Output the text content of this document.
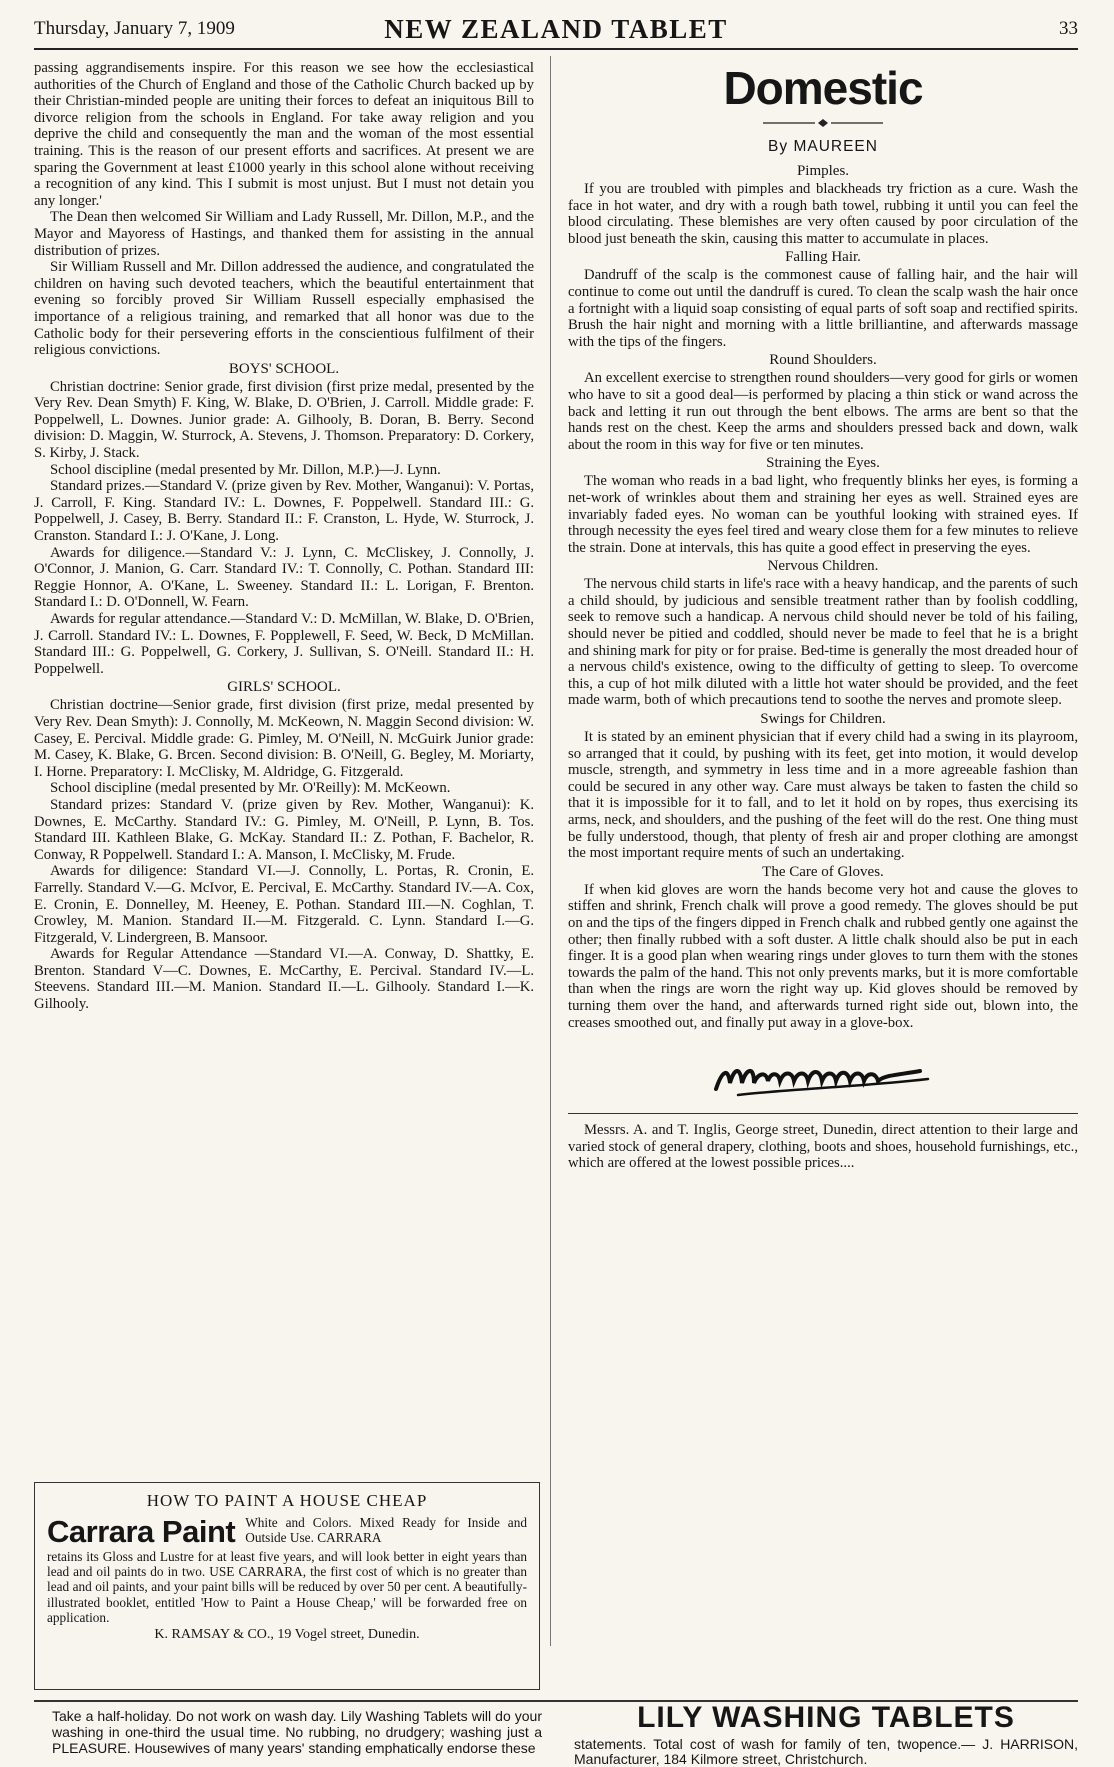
Thursday, January 7, 1909	NEW ZEALAND TABLET	33

passing aggrandisements inspire. For this reason we see how the ecclesiastical authorities of the Church of England and those of the Catholic Church backed up by their Christian-minded people are uniting their forces to defeat an iniquitous Bill to divorce religion from the schools in England. For take away religion and you deprive the child and consequently the man and the woman of the most essential training. This is the reason of our present efforts and sacrifices. At present we are sparing the Government at least £1000 yearly in this school alone without receiving a recognition of any kind. This I submit is most unjust. But I must not detain you any longer.'

The Dean then welcomed Sir William and Lady Russell, Mr. Dillon, M.P., and the Mayor and Mayoress of Hastings, and thanked them for assisting in the annual distribution of prizes.

Sir William Russell and Mr. Dillon addressed the audience, and congratulated the children on having such devoted teachers, which the beautiful entertainment that evening so forcibly proved Sir William Russell especially emphasised the importance of a religious training, and remarked that all honor was due to the Catholic body for their persevering efforts in the conscientious fulfilment of their religious convictions.

BOYS' SCHOOL.

Christian doctrine: Senior grade, first division (first prize medal, presented by the Very Rev. Dean Smyth) F. King, W. Blake, D. O'Brien, J. Carroll. Middle grade: F. Poppelwell, L. Downes. Junior grade: A. Gilhooly, B. Doran, B. Berry. Second division: D. Maggin, W. Sturrock, A. Stevens, J. Thomson. Preparatory: D. Corkery, S. Kirby, J. Stack.

School discipline (medal presented by Mr. Dillon, M.P.)—J. Lynn.

Standard prizes.—Standard V. (prize given by Rev. Mother, Wanganui): V. Portas, J. Carroll, F. King. Standard IV.: L. Downes, F. Poppelwell. Standard III.: G. Poppelwell, J. Casey, B. Berry. Standard II.: F. Cranston, L. Hyde, W. Sturrock, J. Cranston. Standard I.: J. O'Kane, J. Long.

Awards for diligence.—Standard V.: J. Lynn, C. McCliskey, J. Connolly, J. O'Connor, J. Manion, G. Carr. Standard IV.: T. Connolly, C. Pothan. Standard III: Reggie Honnor, A. O'Kane, L. Sweeney. Standard II.: L. Lorigan, F. Brenton. Standard I.: D. O'Donnell, W. Fearn.

Awards for regular attendance.—Standard V.: D. McMillan, W. Blake, D. O'Brien, J. Carroll. Standard IV.: L. Downes, F. Popplewell, F. Seed, W. Beck, D McMillan. Standard III.: G. Poppelwell, G. Corkery, J. Sullivan, S. O'Neill. Standard II.: H. Poppelwell.

GIRLS' SCHOOL.

Christian doctrine—Senior grade, first division (first prize, medal presented by Very Rev. Dean Smyth): J. Connolly, M. McKeown, N. Maggin Second division: W. Casey, E. Percival. Middle grade: G. Pimley, M. O'Neill, N. McGuirk Junior grade: M. Casey, K. Blake, G. Brcen. Second division: B. O'Neill, G. Begley, M. Moriarty, I. Horne. Preparatory: I. McClisky, M. Aldridge, G. Fitzgerald.

School discipline (medal presented by Mr. O'Reilly): M. McKeown.

Standard prizes: Standard V. (prize given by Rev. Mother, Wanganui): K. Downes, E. McCarthy. Standard IV.: G. Pimley, M. O'Neill, P. Lynn, B. Tos. Standard III. Kathleen Blake, G. McKay. Standard II.: Z. Pothan, F. Bachelor, R. Conway, R Poppelwell. Standard I.: A. Manson, I. McClisky, M. Frude.

Awards for diligence: Standard VI.—J. Connolly, L. Portas, R. Cronin, E. Farrelly. Standard V.—G. McIvor, E. Percival, E. McCarthy. Standard IV.—A. Cox, E. Cronin, E. Donnelley, M. Heeney, E. Pothan. Standard III.—N. Coghlan, T. Crowley, M. Manion. Standard II.—M. Fitzgerald. C. Lynn. Standard I.—G. Fitzgerald, V. Lindergreen, B. Mansoor.

Awards for Regular Attendance —Standard VI.—A. Conway, D. Shattky, E. Brenton. Standard V—C. Downes, E. McCarthy, E. Percival. Standard IV.—L. Steevens. Standard III.—M. Manion. Standard II.—L. Gilhooly. Standard I.—K. Gilhooly.

HOW TO PAINT A HOUSE CHEAP
Carrara Paint White and Colors. Mixed Ready for Inside and Outside Use. CARRARA
retains its Gloss and Lustre for at least five years, and will look better in eight years than lead and oil paints do in two. USE CARRARA, the first cost of which is no greater than lead and oil paints, and your paint bills will be reduced by over 50 per cent. A beautifully-illustrated booklet, entitled 'How to Paint a House Cheap,' will be forwarded free on application.
K. RAMSAY & CO., 19 Vogel street, Dunedin.
Domestic
By MAUREEN
Pimples.

If you are troubled with pimples and blackheads try friction as a cure. Wash the face in hot water, and dry with a rough bath towel, rubbing it until you can feel the blood circulating. These blemishes are very often caused by poor circulation of the blood just beneath the skin, causing this matter to accumulate in places.

Falling Hair.

Dandruff of the scalp is the commonest cause of falling hair, and the hair will continue to come out until the dandruff is cured. To clean the scalp wash the hair once a fortnight with a liquid soap consisting of equal parts of soft soap and rectified spirits. Brush the hair night and morning with a little brilliantine, and afterwards massage with the tips of the fingers.

Round Shoulders.

An excellent exercise to strengthen round shoulders—very good for girls or women who have to sit a good deal—is performed by placing a thin stick or wand across the back and letting it run out through the bent elbows. The arms are bent so that the hands rest on the chest. Keep the arms and shoulders pressed back and down, walk about the room in this way for five or ten minutes.

Straining the Eyes.

The woman who reads in a bad light, who frequently blinks her eyes, is forming a net-work of wrinkles about them and straining her eyes as well. Strained eyes are invariably faded eyes. No woman can be youthful looking with strained eyes. If through necessity the eyes feel tired and weary close them for a few minutes to relieve the strain. Done at intervals, this has quite a good effect in preserving the eyes.

Nervous Children.

The nervous child starts in life's race with a heavy handicap, and the parents of such a child should, by judicious and sensible treatment rather than by foolish coddling, seek to remove such a handicap. A nervous child should never be told of his failing, should never be pitied and coddled, should never be made to feel that he is a bright and shining mark for pity or for praise. Bed-time is generally the most dreaded hour of a nervous child's existence, owing to the difficulty of getting to sleep. To overcome this, a cup of hot milk diluted with a little hot water should be provided, and the feet made warm, both of which precautions tend to soothe the nerves and promote sleep.

Swings for Children.

It is stated by an eminent physician that if every child had a swing in its playroom, so arranged that it could, by pushing with its feet, get into motion, it would develop muscle, strength, and symmetry in less time and in a more agreeable fashion than could be secured in any other way. Care must always be taken to fasten the child so that it is impossible for it to fall, and to let it hold on by ropes, thus exercising its arms, neck, and shoulders, and the pushing of the feet will do the rest. One thing must be fully understood, though, that plenty of fresh air and proper clothing are amongst the most important require ments of such an undertaking.

The Care of Gloves.

If when kid gloves are worn the hands become very hot and cause the gloves to stiffen and shrink, French chalk will prove a good remedy. The gloves should be put on and the tips of the fingers dipped in French chalk and rubbed gently one against the other; then finally rubbed with a soft duster. A little chalk should also be put in each finger. It is a good plan when wearing rings under gloves to turn them with the stones towards the palm of the hand. This not only prevents marks, but it is more comfortable than when the rings are worn the right way up. Kid gloves should be removed by turning them over the hand, and afterwards turned right side out, blown into, the creases smoothed out, and finally put away in a glove-box.

Messrs. A. and T. Inglis, George street, Dunedin, direct attention to their large and varied stock of general drapery, clothing, boots and shoes, household furnishings, etc., which are offered at the lowest possible prices....

Take a half-holiday. Do not work on wash day. Lily Washing Tablets will do your washing in one-third the usual time. No rubbing, no drudgery; washing just a PLEASURE. Housewives of many years' standing emphatically endorse these
LILY WASHING TABLETS
statements. Total cost of wash for family of ten, twopence.— J. HARRISON, Manufacturer, 184 Kilmore street, Christchurch.
